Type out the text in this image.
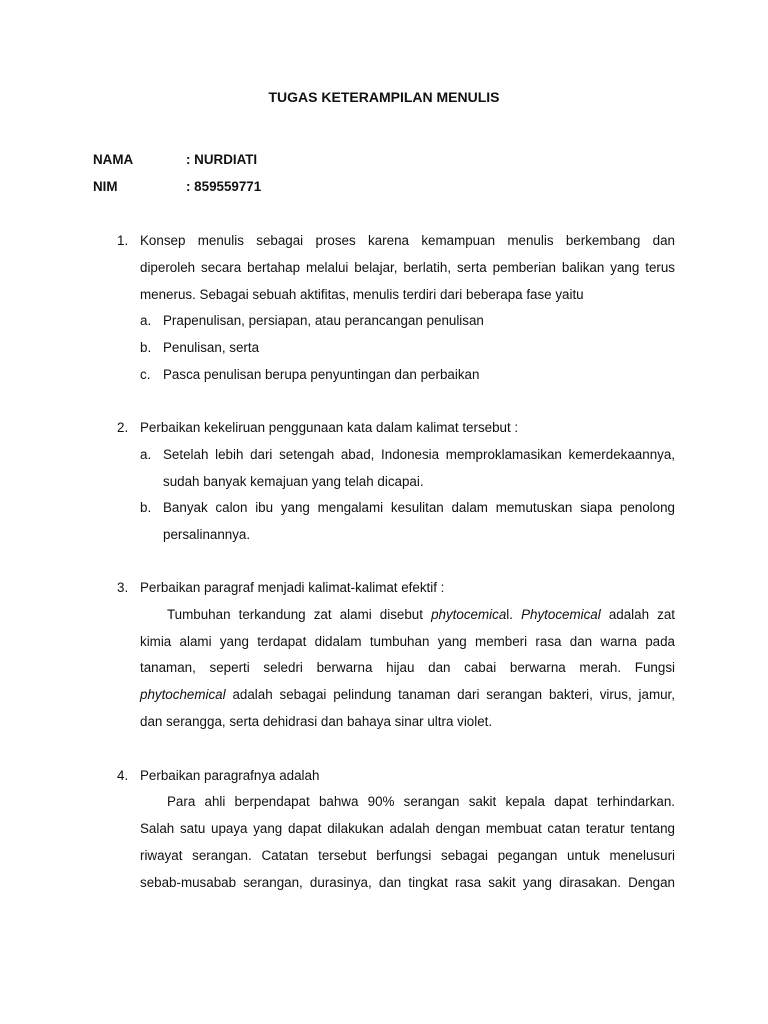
TUGAS KETERAMPILAN MENULIS
NAMA	: NURDIATI
NIM	: 859559771
1. Konsep menulis sebagai proses karena kemampuan menulis berkembang dan
diperoleh secara bertahap melalui belajar, berlatih, serta pemberian balikan yang terus
menerus. Sebagai sebuah aktifitas, menulis terdiri dari beberapa fase yaitu
a. Prapenulisan, persiapan, atau perancangan penulisan
b. Penulisan, serta
c. Pasca penulisan berupa penyuntingan dan perbaikan
2. Perbaikan kekeliruan penggunaan kata dalam kalimat tersebut :
a. Setelah lebih dari setengah abad, Indonesia memproklamasikan kemerdekaannya,
sudah banyak kemajuan yang telah dicapai.
b. Banyak calon ibu yang mengalami kesulitan dalam memutuskan siapa penolong
persalinannya.
3. Perbaikan paragraf menjadi kalimat-kalimat efektif :
Tumbuhan terkandung zat alami disebut phytocemical. Phytocemical adalah zat
kimia alami yang terdapat didalam tumbuhan yang memberi rasa dan warna pada
tanaman, seperti seledri berwarna hijau dan cabai berwarna merah. Fungsi
phytochemical adalah sebagai pelindung tanaman dari serangan bakteri, virus, jamur,
dan serangga, serta dehidrasi dan bahaya sinar ultra violet.
4. Perbaikan paragrafnya adalah
Para ahli berpendapat bahwa 90% serangan sakit kepala dapat terhindarkan.
Salah satu upaya yang dapat dilakukan adalah dengan membuat catan teratur tentang
riwayat serangan. Catatan tersebut berfungsi sebagai pegangan untuk menelusuri
sebab-musabab serangan, durasinya, dan tingkat rasa sakit yang dirasakan. Dengan
